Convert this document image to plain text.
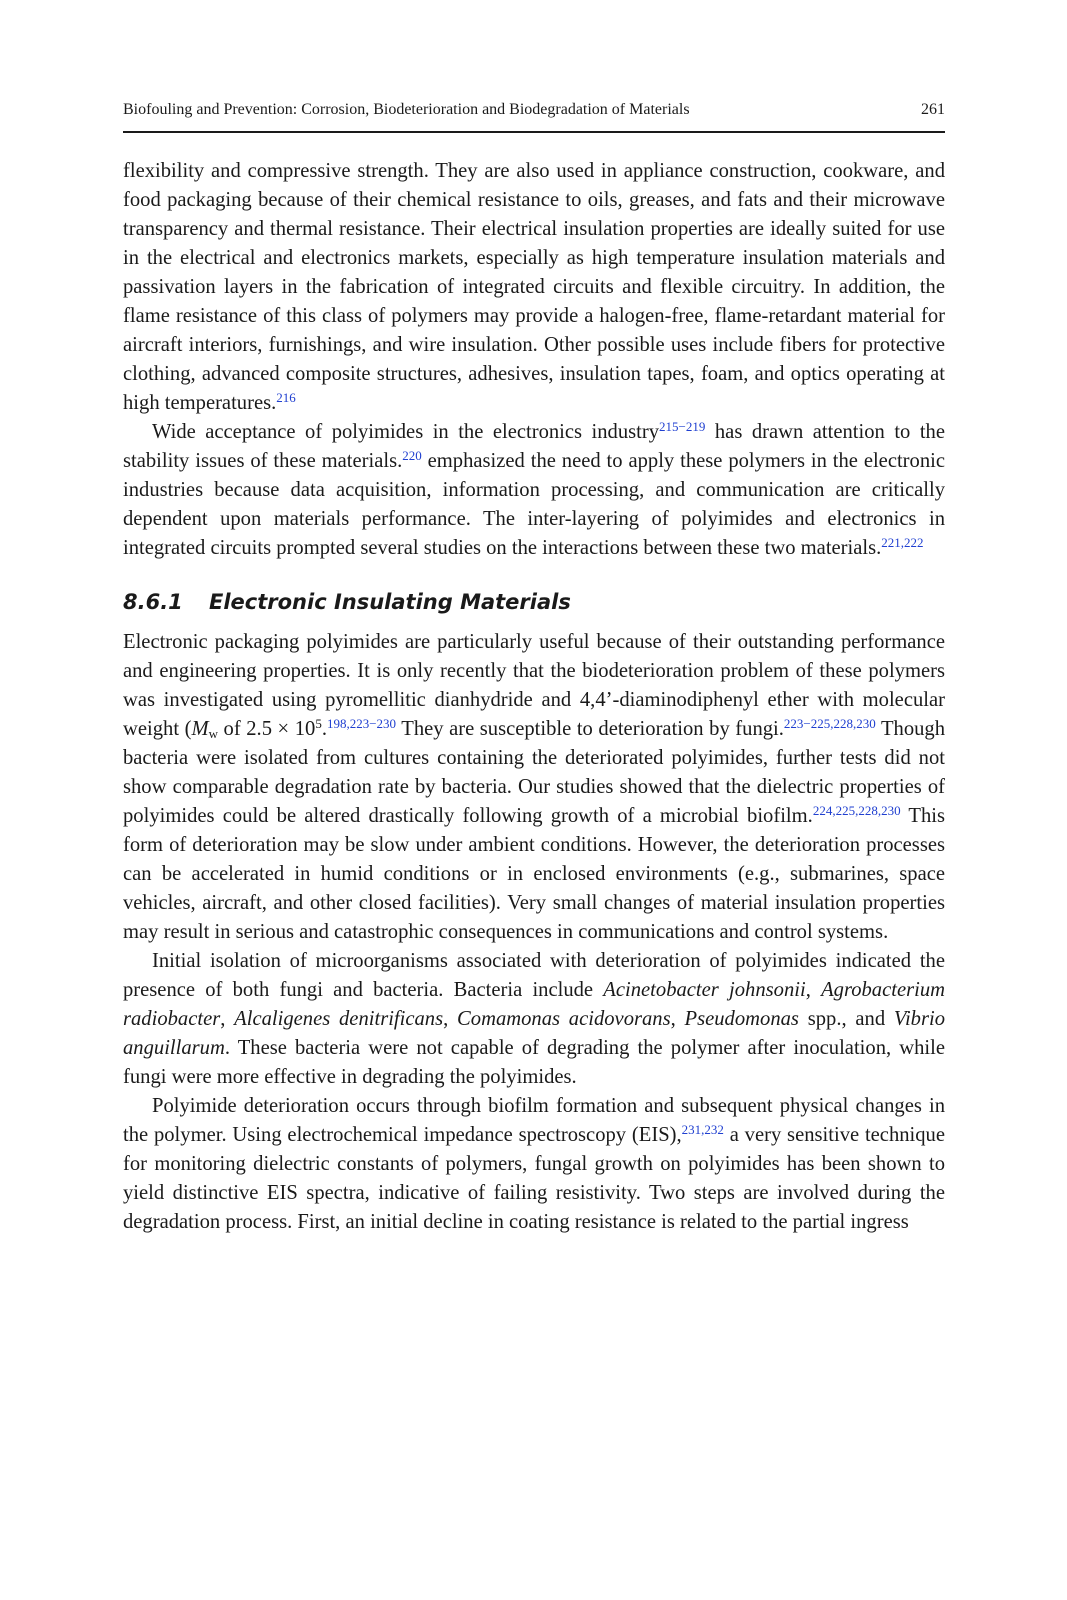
Biofouling and Prevention: Corrosion, Biodeterioration and Biodegradation of Materials	261

flexibility and compressive strength. They are also used in appliance construction, cookware, and food packaging because of their chemical resistance to oils, greases, and fats and their microwave transparency and thermal resistance. Their electrical insulation properties are ideally suited for use in the electrical and electronics markets, especially as high temperature insulation materials and passivation layers in the fabrication of integrated circuits and flexible circuitry. In addition, the flame resistance of this class of polymers may provide a halogen-free, flame-retardant material for aircraft interiors, furnishings, and wire insulation. Other possible uses include fibers for protective clothing, advanced composite structures, adhesives, insulation tapes, foam, and optics operating at high temperatures.$^{216}$

Wide acceptance of polyimides in the electronics industry$^{215-219}$ has drawn attention to the stability issues of these materials.$^{220}$ emphasized the need to apply these polymers in the electronic industries because data acquisition, information processing, and communication are critically dependent upon materials performance. The inter-layering of polyimides and electronics in integrated circuits prompted several studies on the interactions between these two materials.$^{221,222}$

8.6.1	Electronic Insulating Materials

Electronic packaging polyimides are particularly useful because of their outstanding performance and engineering properties. It is only recently that the biodeterioration problem of these polymers was investigated using pyromellitic dianhydride and 4,4’-diaminodiphenyl ether with molecular weight ($M_w$ of $2.5 \times 10^5.^{198,223-230}$ They are susceptible to deterioration by fungi.$^{223-225,228,230}$ Though bacteria were isolated from cultures containing the deteriorated polyimides, further tests did not show comparable degradation rate by bacteria. Our studies showed that the dielectric properties of polyimides could be altered drastically following growth of a microbial biofilm.$^{224,225,228,230}$ This form of deterioration may be slow under ambient conditions. However, the deterioration processes can be accelerated in humid conditions or in enclosed environments (e.g., submarines, space vehicles, aircraft, and other closed facilities). Very small changes of material insulation properties may result in serious and catastrophic consequences in communications and control systems.

Initial isolation of microorganisms associated with deterioration of polyimides indicated the presence of both fungi and bacteria. Bacteria include Acinetobacter johnsonii, Agrobacterium radiobacter, Alcaligenes denitrificans, Comamonas acidovorans, Pseudomonas spp., and Vibrio anguillarum. These bacteria were not capable of degrading the polymer after inoculation, while fungi were more effective in degrading the polyimides.

Polyimide deterioration occurs through biofilm formation and subsequent physical changes in the polymer. Using electrochemical impedance spectroscopy (EIS),$^{231,232}$ a very sensitive technique for monitoring dielectric constants of polymers, fungal growth on polyimides has been shown to yield distinctive EIS spectra, indicative of failing resistivity. Two steps are involved during the degradation process. First, an initial decline in coating resistance is related to the partial ingress
